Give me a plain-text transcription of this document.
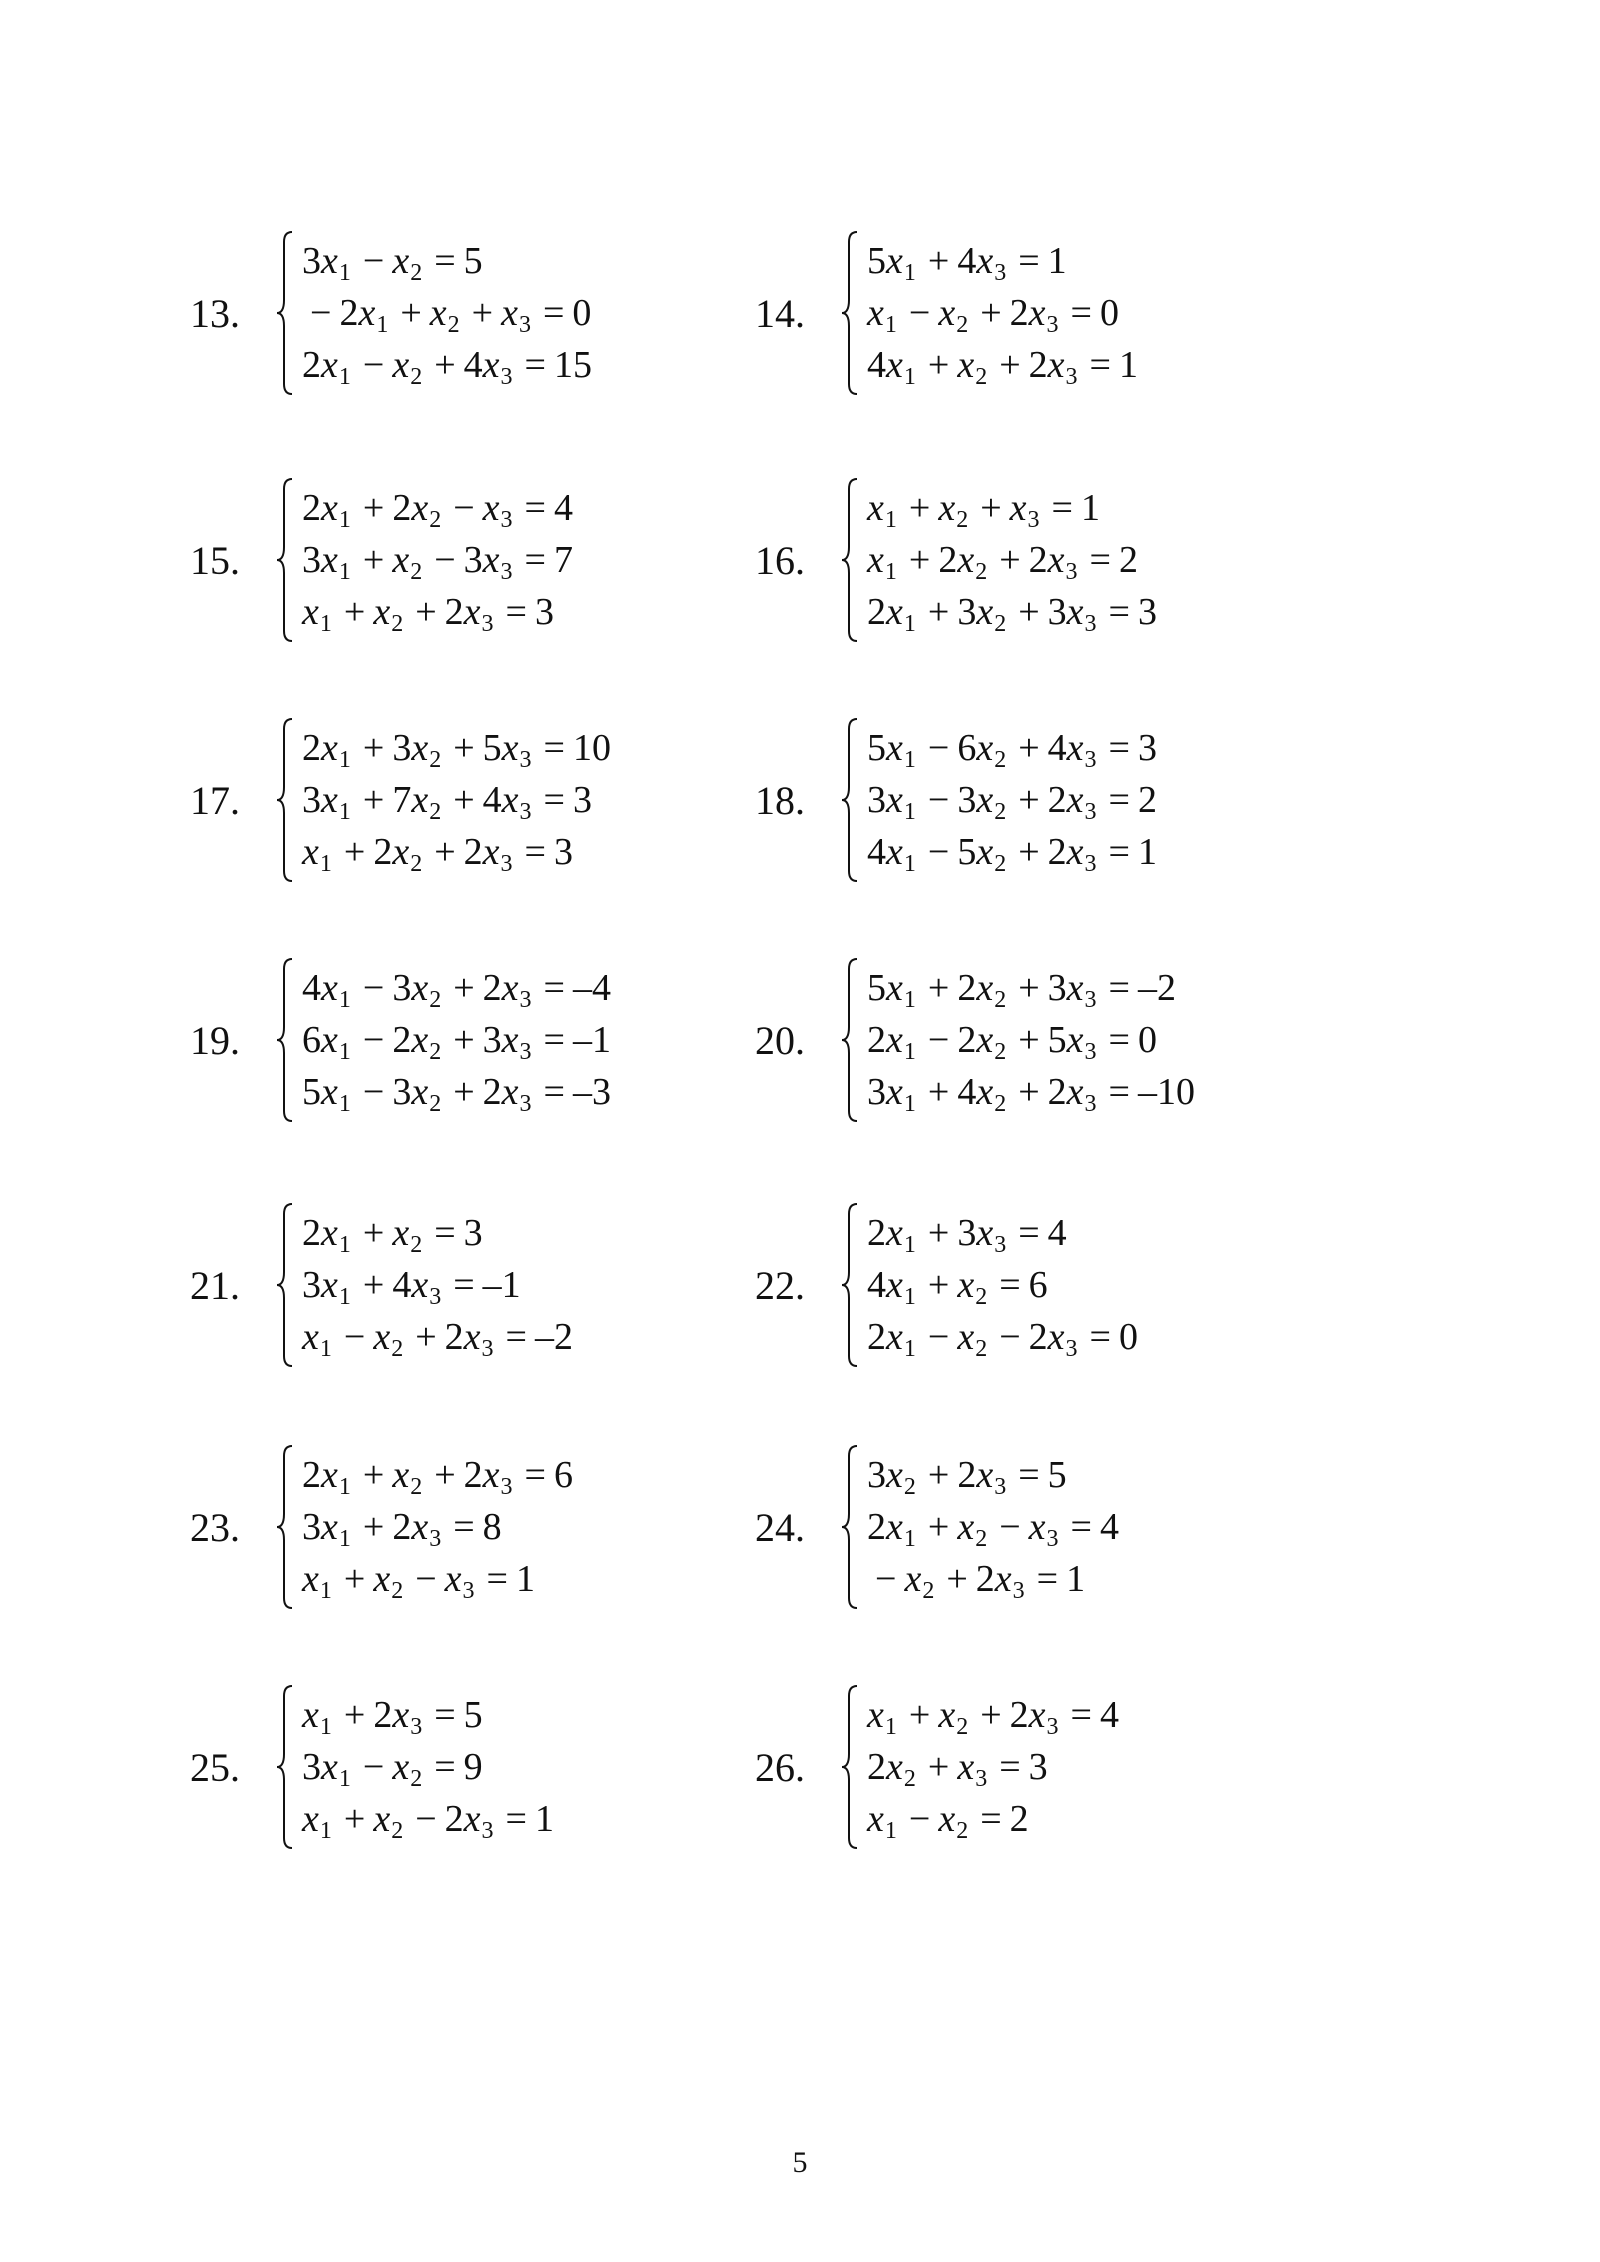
13.
3 x 1 − x 2 = 5
− 2 x 1 + x 2 + x 3 = 0
2 x 1 − x 2 + 4 x 3 = 15
14.
5 x 1 + 4 x 3 = 1
x 1 − x 2 + 2 x 3 = 0
4 x 1 + x 2 + 2 x 3 = 1
15.
2 x 1 + 2 x 2 − x 3 = 4
3 x 1 + x 2 − 3 x 3 = 7
x 1 + x 2 + 2 x 3 = 3
16.
x 1 + x 2 + x 3 = 1
x 1 + 2 x 2 + 2 x 3 = 2
2 x 1 + 3 x 2 + 3 x 3 = 3
17.
2 x 1 + 3 x 2 + 5 x 3 = 10
3 x 1 + 7 x 2 + 4 x 3 = 3
x 1 + 2 x 2 + 2 x 3 = 3
18.
5 x 1 − 6 x 2 + 4 x 3 = 3
3 x 1 − 3 x 2 + 2 x 3 = 2
4 x 1 − 5 x 2 + 2 x 3 = 1
19.
4 x 1 − 3 x 2 + 2 x 3 = –4
6 x 1 − 2 x 2 + 3 x 3 = –1
5 x 1 − 3 x 2 + 2 x 3 = –3
20.
5 x 1 + 2 x 2 + 3 x 3 = –2
2 x 1 − 2 x 2 + 5 x 3 = 0
3 x 1 + 4 x 2 + 2 x 3 = –10
21.
2 x 1 + x 2 = 3
3 x 1 + 4 x 3 = –1
x 1 − x 2 + 2 x 3 = –2
22.
2 x 1 + 3 x 3 = 4
4 x 1 + x 2 = 6
2 x 1 − x 2 − 2 x 3 = 0
23.
2 x 1 + x 2 + 2 x 3 = 6
3 x 1 + 2 x 3 = 8
x 1 + x 2 − x 3 = 1
24.
3 x 2 + 2 x 3 = 5
2 x 1 + x 2 − x 3 = 4
− x 2 + 2 x 3 = 1
25.
x 1 + 2 x 3 = 5
3 x 1 − x 2 = 9
x 1 + x 2 − 2 x 3 = 1
26.
x 1 + x 2 + 2 x 3 = 4
2 x 2 + x 3 = 3
x 1 − x 2 = 2
5
